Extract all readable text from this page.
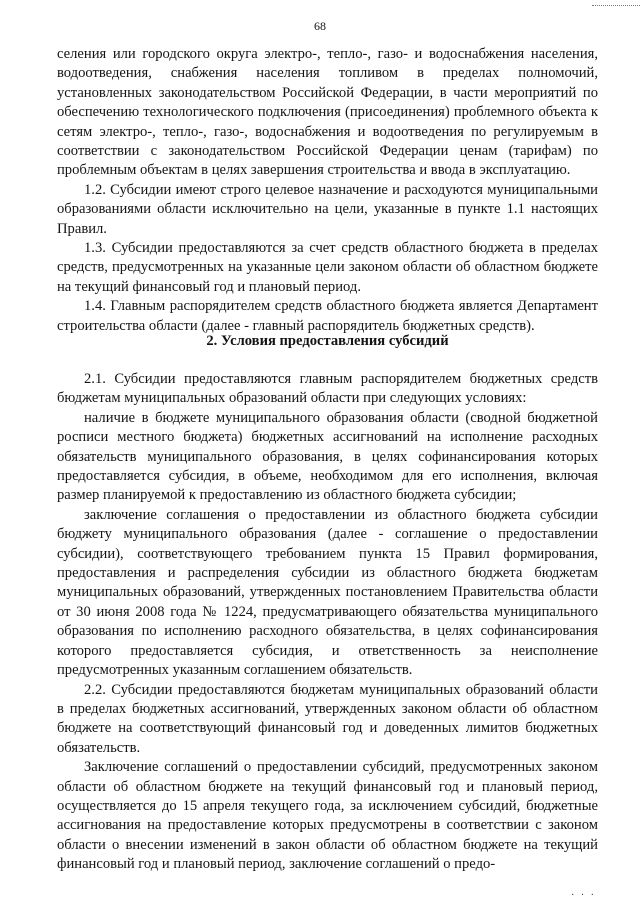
68

селения или городского округа электро-, тепло-, газо- и водоснабжения населения, водоотведения, снабжения населения топливом в пределах полномочий, установленных законодательством Российской Федерации, в части мероприятий по обеспечению технологического подключения (присоединения) проблемного объекта к сетям электро-, тепло-, газо-, водоснабжения и водоотведения по регулируемым в соответствии с законодательством Российской Федерации ценам (тарифам) по проблемным объектам в целях завершения строительства и ввода в эксплуатацию.

1.2. Субсидии имеют строго целевое назначение и расходуются муниципальными образованиями области исключительно на цели, указанные в пункте 1.1 настоящих Правил.

1.3. Субсидии предоставляются за счет средств областного бюджета в пределах средств, предусмотренных на указанные цели законом области об областном бюджете на текущий финансовый год и плановый период.

1.4. Главным распорядителем средств областного бюджета является Департамент строительства области (далее - главный распорядитель бюджетных средств).

2. Условия предоставления субсидий

2.1. Субсидии предоставляются главным распорядителем бюджетных средств бюджетам муниципальных образований области при следующих условиях:

наличие в бюджете муниципального образования области (сводной бюджетной росписи местного бюджета) бюджетных ассигнований на исполнение расходных обязательств муниципального образования, в целях софинансирования которых предоставляется субсидия, в объеме, необходимом для его исполнения, включая размер планируемой к предоставлению из областного бюджета субсидии;

заключение соглашения о предоставлении из областного бюджета субсидии бюджету муниципального образования (далее - соглашение о предоставлении субсидии), соответствующего требованием пункта 15 Правил формирования, предоставления и распределения субсидии из областного бюджета бюджетам муниципальных образований, утвержденных постановлением Правительства области от 30 июня 2008 года № 1224, предусматривающего обязательства муниципального образования по исполнению расходного обязательства, в целях софинансирования которого предоставляется субсидия, и ответственность за неисполнение предусмотренных указанным соглашением обязательств.

2.2. Субсидии предоставляются бюджетам муниципальных образований области в пределах бюджетных ассигнований, утвержденных законом области об областном бюджете на соответствующий финансовый год и доведенных лимитов бюджетных обязательств.

Заключение соглашений о предоставлении субсидий, предусмотренных законом области об областном бюджете на текущий финансовый год и плановый период, осуществляется до 15 апреля текущего года, за исключением субсидий, бюджетные ассигнования на предоставление которых предусмотрены в соответствии с законом области о внесении изменений в закон области об областном бюджете на текущий финансовый год и плановый период, заключение соглашений о предо-

· · ·
